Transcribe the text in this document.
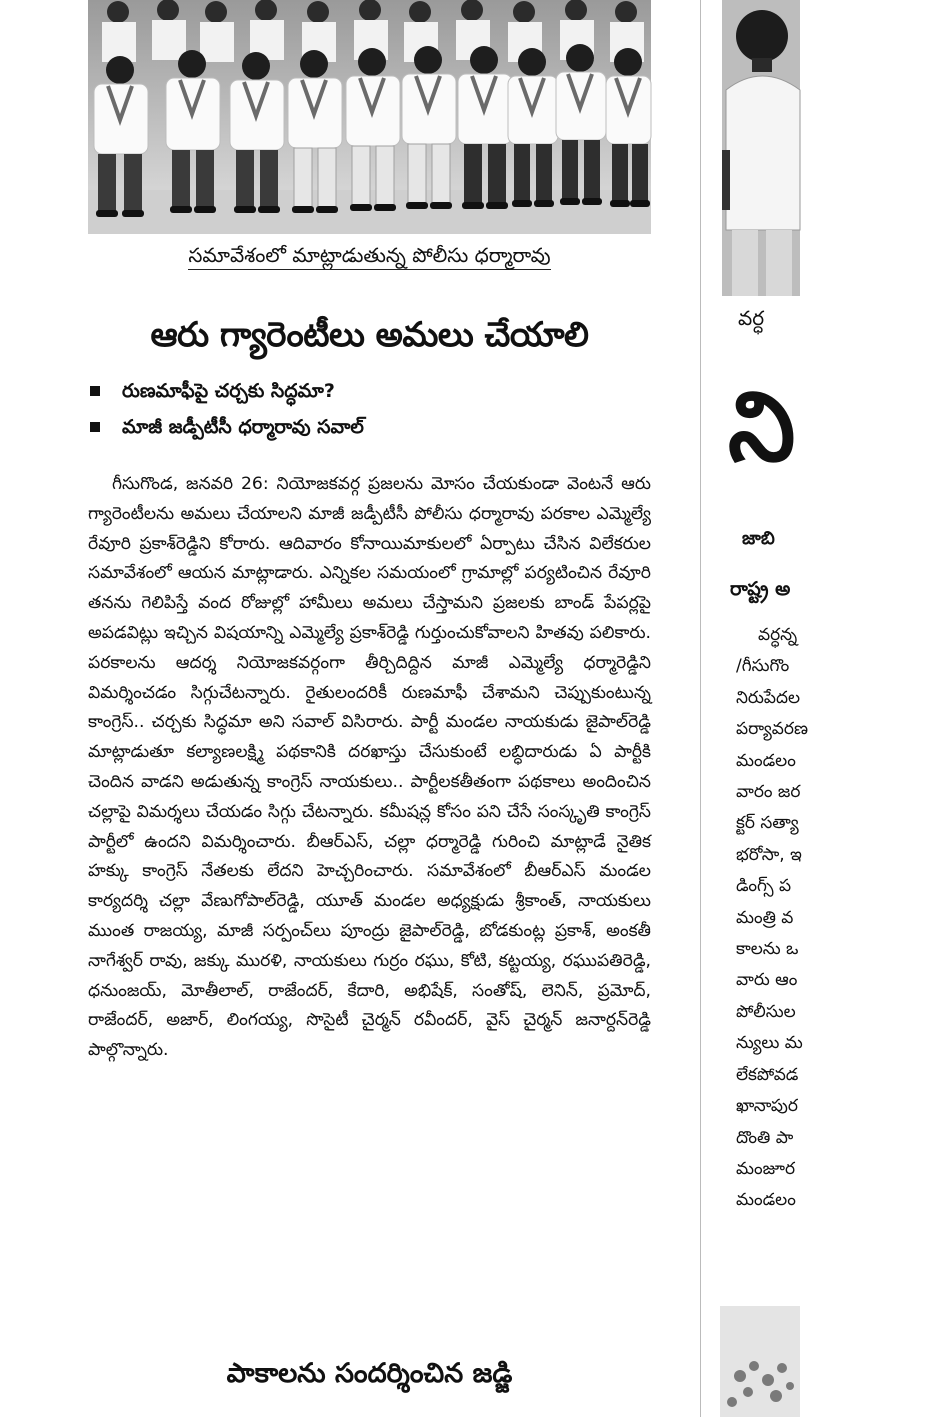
సమావేశంలో మాట్లాడుతున్న పోలీసు ధర్మారావు
ఆరు గ్యారెంటీలు అమలు చేయాలి
రుణమాఫీపై చర్చకు సిద్ధమా?
మాజీ జడ్పీటీసీ ధర్మారావు సవాల్

గీసుగొండ, జనవరి 26: నియోజకవర్గ ప్రజలను మోసం చేయకుండా వెంటనే ఆరు గ్యారెంటీలను అమలు చేయాలని మాజీ జడ్పీటీసీ పోలీసు ధర్మారావు పరకాల ఎమ్మెల్యే రేవూరి ప్రకాశ్‌రెడ్డిని కోరారు. ఆదివారం కోనాయిమాకులలో ఏర్పాటు చేసిన విలేకరుల సమావేశంలో ఆయన మాట్లాడారు. ఎన్నికల సమయంలో గ్రామాల్లో పర్యటించిన రేవూరి తనను గెలిపిస్తే వంద రోజుల్లో హామీలు అమలు చేస్తామని ప్రజలకు బాండ్ పేపర్లపై అపడవిట్లు ఇచ్చిన విషయాన్ని ఎమ్మెల్యే ప్రకాశ్‌రెడ్డి గుర్తుంచుకోవాలని హితవు పలికారు. పరకాలను ఆదర్శ నియోజకవర్గంగా తీర్చిదిద్దిన మాజీ ఎమ్మెల్యే ధర్మారెడ్డిని విమర్శించడం సిగ్గుచేటన్నారు. రైతులందరికీ రుణమాఫీ చేశామని చెప్పుకుంటున్న కాంగ్రెస్.. చర్చకు సిద్ధమా అని సవాల్ విసిరారు. పార్టీ మండల నాయకుడు జైపాల్‌రెడ్డి మాట్లాడుతూ కల్యాణలక్ష్మి పథకానికి దరఖాస్తు చేసుకుంటే లబ్ధిదారుడు ఏ పార్టీకి చెందిన వాడని అడుతున్న కాంగ్రెస్ నాయకులు.. పార్టీలకతీతంగా పథకాలు అందించిన చల్లాపై విమర్శలు చేయడం సిగ్గు చేటన్నారు. కమీషన్ల కోసం పని చేసే సంస్కృతి కాంగ్రెస్ పార్టీలో ఉందని విమర్శించారు. బీఆర్ఎస్, చల్లా ధర్మారెడ్డి గురించి మాట్లాడే నైతిక హక్కు కాంగ్రెస్ నేతలకు లేదని హెచ్చరించారు. సమావేశంలో బీఆర్ఎస్ మండల కార్యదర్శి చల్లా వేణుగోపాల్‌రెడ్డి, యూత్ మండల అధ్యక్షుడు శ్రీకాంత్, నాయకులు ముంత రాజయ్య, మాజీ సర్పంచ్‌లు పూంద్రు జైపాల్‌రెడ్డి, బోడకుంట్ల ప్రకాశ్, అంకతీ నాగేశ్వర్ రావు, జక్కు మురళి, నాయకులు గుర్రం రఘు, కోటి, కట్టయ్య, రఘుపతిరెడ్డి, ధనుంజయ్, మోతీలాల్, రాజేందర్, కేదారి, అభిషేక్, సంతోష్, లెనిన్, ప్రమోద్, రాజేందర్, అజార్, లింగయ్య, సొసైటీ చైర్మన్ రవీందర్, వైస్ చైర్మన్ జనార్దన్‌రెడ్డి పాల్గొన్నారు.

పాకాలను సందర్శించిన జడ్జి
వర్ధ
ని
జాబి
రాష్ట్ర అ
వర్ధన్న
/గీసుగొం
నిరుపేదల
పర్యావరణ
మండలం
వారం జర
క్టర్ సత్యా
భరోసా, ఇ
డింగ్స్ ప
మంత్రి వ
కాలను ఒ
వారు ఆం
పోలీసుల
న్యులు మ
లేకపోవడ
ఖానాపుర
దొంతి పా
మంజూర
మండలం
